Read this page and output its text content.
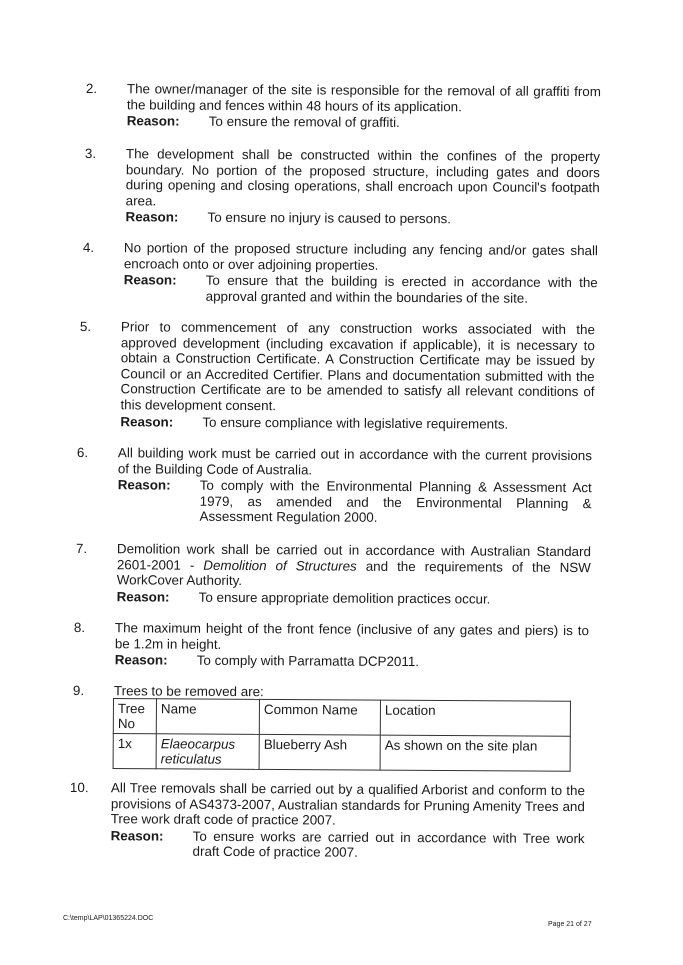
2.	The owner/manager of the site is responsible for the removal of all graffiti from the building and fences within 48 hours of its application.

Reason:	To ensure the removal of graffiti.
3.	The development shall be constructed within the confines of the property boundary. No portion of the proposed structure, including gates and doors during opening and closing operations, shall encroach upon Council's footpath area.

Reason:	To ensure no injury is caused to persons.
4.	No portion of the proposed structure including any fencing and/or gates shall encroach onto or over adjoining properties.

Reason:	To ensure that the building is erected in accordance with the approval granted and within the boundaries of the site.
5.	Prior to commencement of any construction works associated with the approved development (including excavation if applicable), it is necessary to obtain a Construction Certificate. A Construction Certificate may be issued by Council or an Accredited Certifier. Plans and documentation submitted with the Construction Certificate are to be amended to satisfy all relevant conditions of this development consent.

Reason:	To ensure compliance with legislative requirements.
6.	All building work must be carried out in accordance with the current provisions of the Building Code of Australia.

Reason:	To comply with the Environmental Planning & Assessment Act 1979, as amended and the Environmental Planning & Assessment Regulation 2000.
7.	Demolition work shall be carried out in accordance with Australian Standard 2601-2001 - Demolition of Structures and the requirements of the NSW WorkCover Authority.

Reason:	To ensure appropriate demolition practices occur.
8.	The maximum height of the front fence (inclusive of any gates and piers) is to be 1.2m in height.

Reason:	To comply with Parramatta DCP2011.
9.	Trees to be removed are:

Tree No	Name	Common Name	Location
1x	Elaeocarpus reticulatus	Blueberry Ash	As shown on the site plan
10.	All Tree removals shall be carried out by a qualified Arborist and conform to the provisions of AS4373-2007, Australian standards for Pruning Amenity Trees and Tree work draft code of practice 2007.

Reason:	To ensure works are carried out in accordance with Tree work draft Code of practice 2007.
C:\temp\LAP\01365224.DOC
Page 21 of 27
